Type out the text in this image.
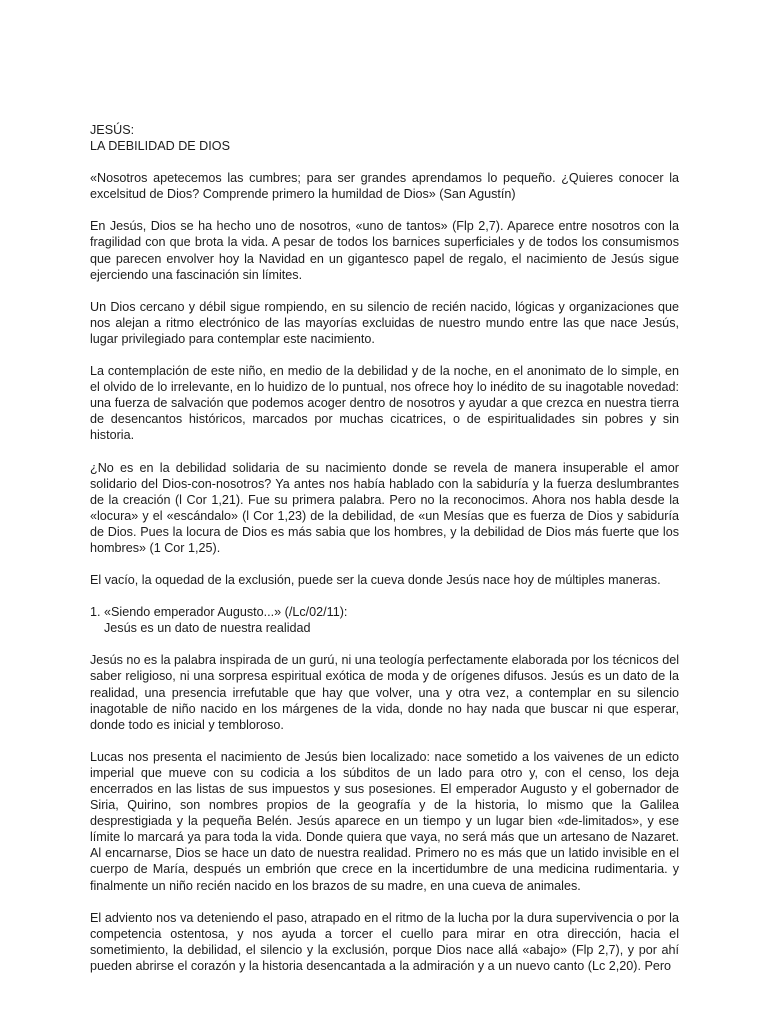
JESÚS:

LA DEBILIDAD DE DIOS

«Nosotros apetecemos las cumbres; para ser grandes aprendamos lo pequeño. ¿Quieres conocer la excelsitud de Dios? Comprende primero la humildad de Dios» (San Agustín)

En Jesús, Dios se ha hecho uno de nosotros, «uno de tantos» (Flp 2,7). Aparece entre nosotros con la fragilidad con que brota la vida. A pesar de todos los barnices superficiales y de todos los consumismos que parecen envolver hoy la Navidad en un gigantesco papel de regalo, el nacimiento de Jesús sigue ejerciendo una fascinación sin límites.

Un Dios cercano y débil sigue rompiendo, en su silencio de recién nacido, lógicas y organizaciones que nos alejan a ritmo electrónico de las mayorías excluidas de nuestro mundo entre las que nace Jesús, lugar privilegiado para contemplar este nacimiento.

La contemplación de este niño, en medio de la debilidad y de la noche, en el anonimato de lo simple, en el olvido de lo irrelevante, en lo huidizo de lo puntual, nos ofrece hoy lo inédito de su inagotable novedad: una fuerza de salvación que podemos acoger dentro de nosotros y ayudar a que crezca en nuestra tierra de desencantos históricos, marcados por muchas cicatrices, o de espiritualidades sin pobres y sin historia.

¿No es en la debilidad solidaria de su nacimiento donde se revela de manera insuperable el amor solidario del Dios-con-nosotros? Ya antes nos había hablado con la sabiduría y la fuerza deslumbrantes de la creación (l Cor 1,21). Fue su primera palabra. Pero no la reconocimos. Ahora nos habla desde la «locura» y el «escándalo» (l Cor 1,23) de la debilidad, de «un Mesías que es fuerza de Dios y sabiduría de Dios. Pues la locura de Dios es más sabia que los hombres, y la debilidad de Dios más fuerte que los hombres» (1 Cor 1,25).

El vacío, la oquedad de la exclusión, puede ser la cueva donde Jesús nace hoy de múltiples maneras.

1. «Siendo emperador Augusto...» (/Lc/02/11):

Jesús es un dato de nuestra realidad

Jesús no es la palabra inspirada de un gurú, ni una teología perfectamente elaborada por los técnicos del saber religioso, ni una sorpresa espiritual exótica de moda y de orígenes difusos. Jesús es un dato de la realidad, una presencia irrefutable que hay que volver, una y otra vez, a contemplar en su silencio inagotable de niño nacido en los márgenes de la vida, donde no hay nada que buscar ni que esperar, donde todo es inicial y tembloroso.

Lucas nos presenta el nacimiento de Jesús bien localizado: nace sometido a los vaivenes de un edicto imperial que mueve con su codicia a los súbditos de un lado para otro y, con el censo, los deja encerrados en las listas de sus impuestos y sus posesiones. El emperador Augusto y el gobernador de Siria, Quirino, son nombres propios de la geografía y de la historia, lo mismo que la Galilea desprestigiada y la pequeña Belén. Jesús aparece en un tiempo y un lugar bien «de-limitados», y ese límite lo marcará ya para toda la vida. Donde quiera que vaya, no será más que un artesano de Nazaret. Al encarnarse, Dios se hace un dato de nuestra realidad. Primero no es más que un latido invisible en el cuerpo de María, después un embrión que crece en la incertidumbre de una medicina rudimentaria. y finalmente un niño recién nacido en los brazos de su madre, en una cueva de animales.

El adviento nos va deteniendo el paso, atrapado en el ritmo de la lucha por la dura supervivencia o por la competencia ostentosa, y nos ayuda a torcer el cuello para mirar en otra dirección, hacia el sometimiento, la debilidad, el silencio y la exclusión, porque Dios nace allá «abajo» (Flp 2,7), y por ahí pueden abrirse el corazón y la historia desencantada a la admiración y a un nuevo canto (Lc 2,20). Pero
